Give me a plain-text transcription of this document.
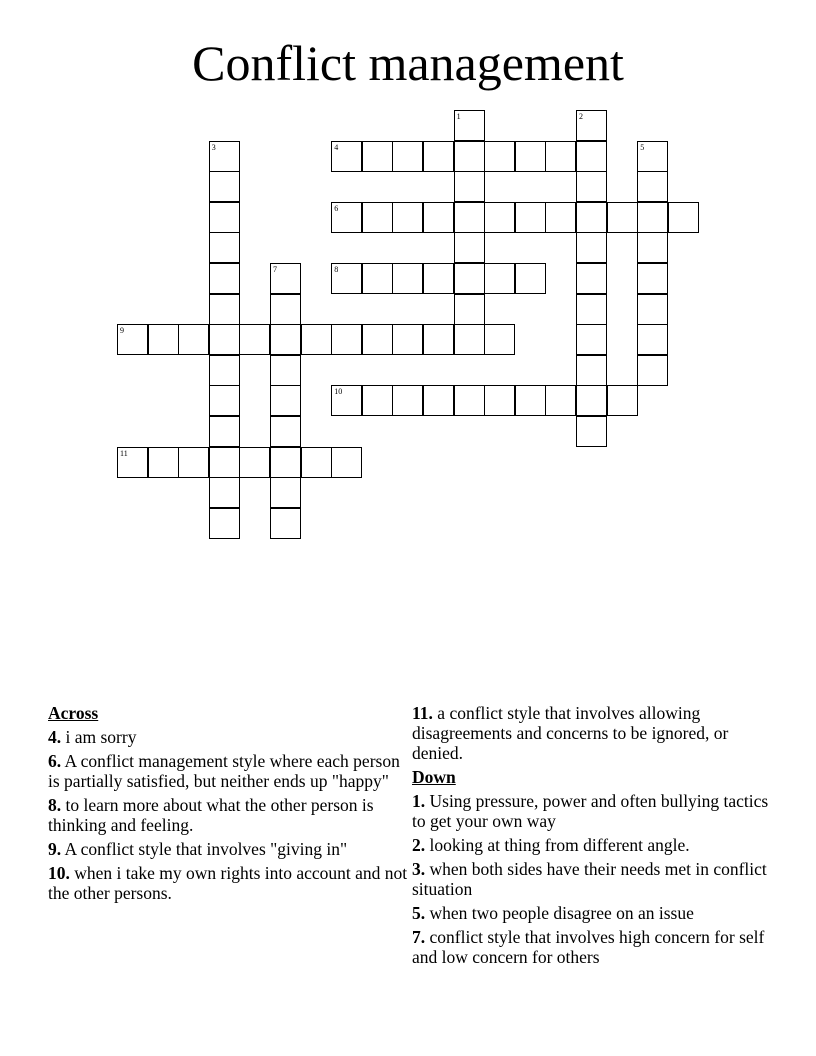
Conflict management
1	2
3	4	5
6
7	8
9
10
11
Across
4. i am sorry
6. A conflict management style where each person is partially satisfied, but neither ends up "happy"
8. to learn more about what the other person is thinking and feeling.
9. A conflict style that involves "giving in"
10. when i take my own rights into account and not the other persons.
11. a conflict style that involves allowing disagreements and concerns to be ignored, or denied.
Down
1. Using pressure, power and often bullying tactics to get your own way
2. looking at thing from different angle.
3. when both sides have their needs met in conflict situation
5. when two people disagree on an issue
7. conflict style that involves high concern for self and low concern for others
